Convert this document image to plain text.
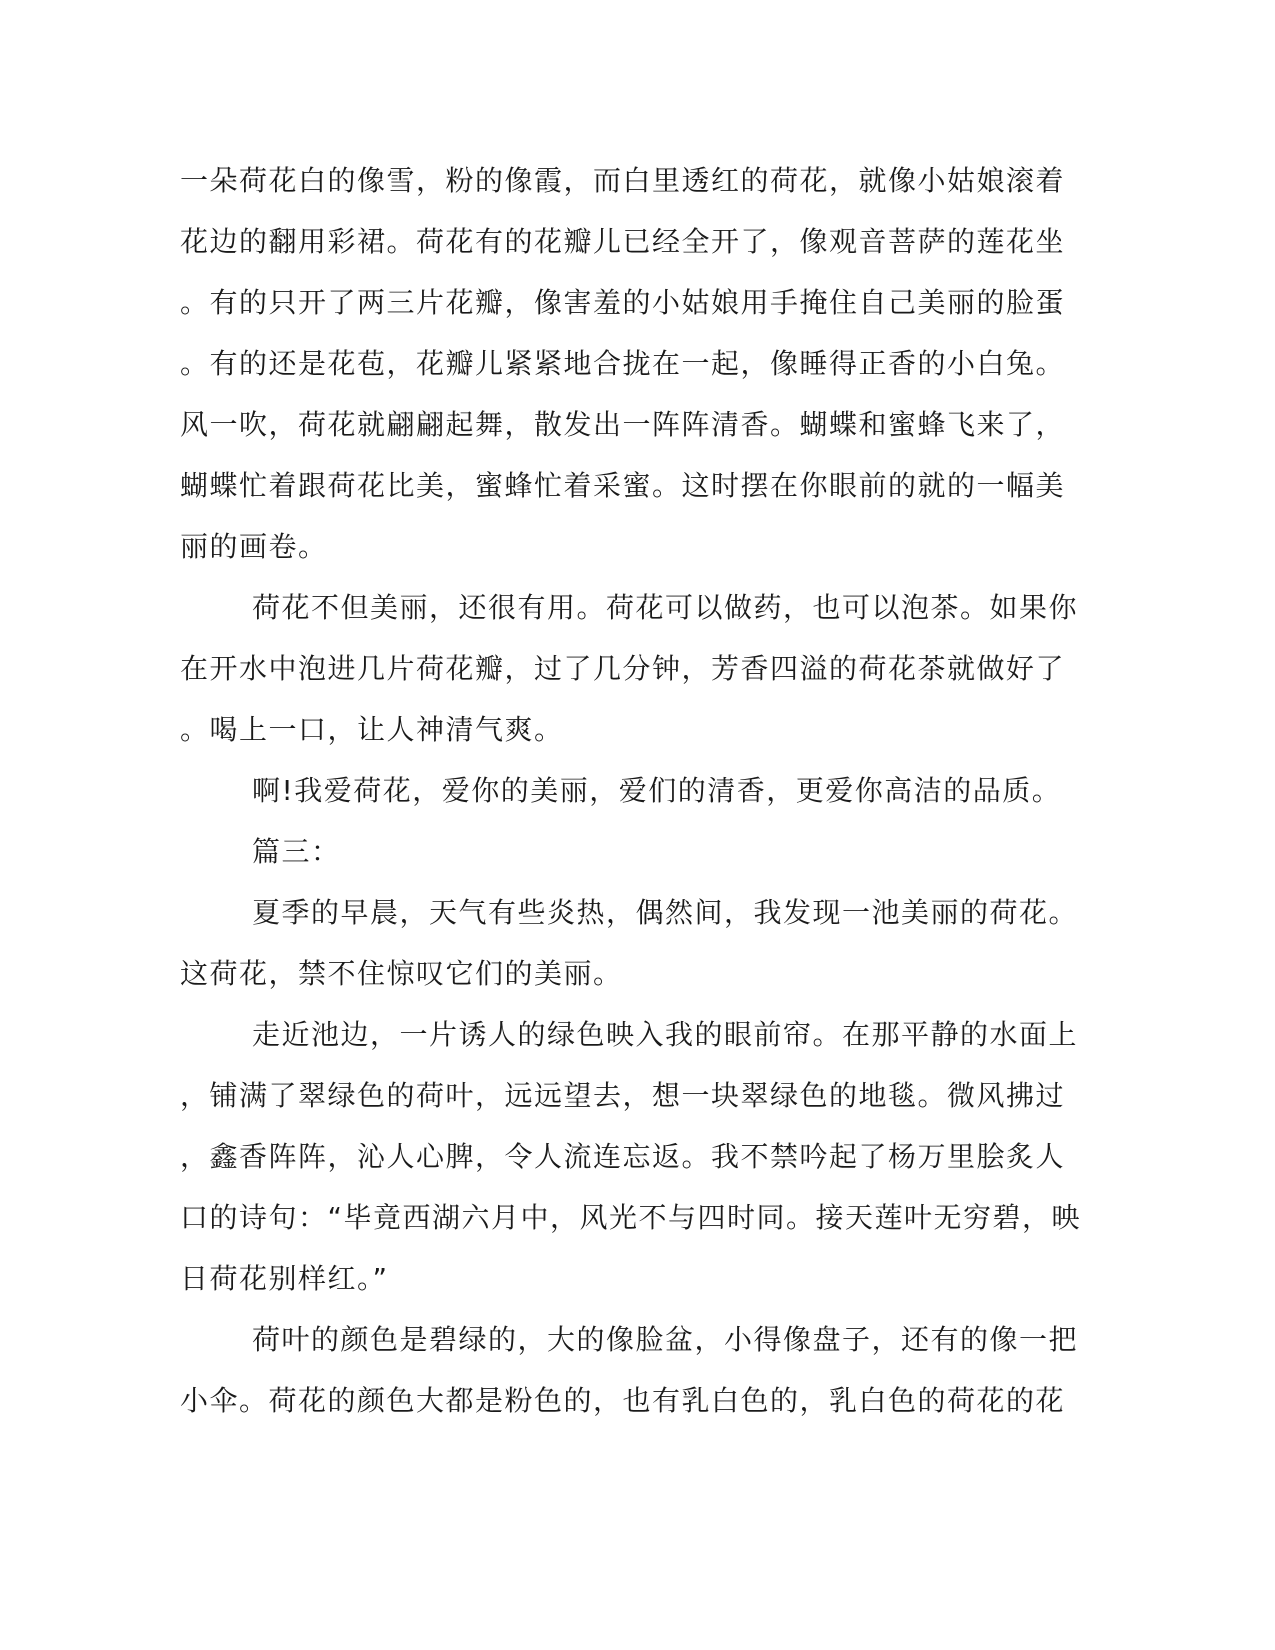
一朵荷花白的像雪，粉的像霞，而白里透红的荷花，就像小姑娘滚着
花边的翻用彩裙。荷花有的花瓣儿已经全开了，像观音菩萨的莲花坐
。有的只开了两三片花瓣，像害羞的小姑娘用手掩住自己美丽的脸蛋
。有的还是花苞，花瓣儿紧紧地合拢在一起，像睡得正香的小白兔。
风一吹，荷花就翩翩起舞，散发出一阵阵清香。蝴蝶和蜜蜂飞来了，
蝴蝶忙着跟荷花比美，蜜蜂忙着采蜜。这时摆在你眼前的就的一幅美
丽的画卷。
荷花不但美丽，还很有用。荷花可以做药，也可以泡茶。如果你
在开水中泡进几片荷花瓣，过了几分钟，芳香四溢的荷花茶就做好了
。喝上一口，让人神清气爽。
啊!我爱荷花，爱你的美丽，爱们的清香，更爱你高洁的品质。
篇三：
夏季的早晨，天气有些炎热，偶然间，我发现一池美丽的荷花。
这荷花，禁不住惊叹它们的美丽。
走近池边，一片诱人的绿色映入我的眼前帘。在那平静的水面上
，铺满了翠绿色的荷叶，远远望去，想一块翠绿色的地毯。微风拂过
，鑫香阵阵，沁人心脾，令人流连忘返。我不禁吟起了杨万里脍炙人
口的诗句：“毕竟西湖六月中，风光不与四时同。接天莲叶无穷碧，映
日荷花别样红。”
荷叶的颜色是碧绿的，大的像脸盆，小得像盘子，还有的像一把
小伞。荷花的颜色大都是粉色的，也有乳白色的，乳白色的荷花的花
